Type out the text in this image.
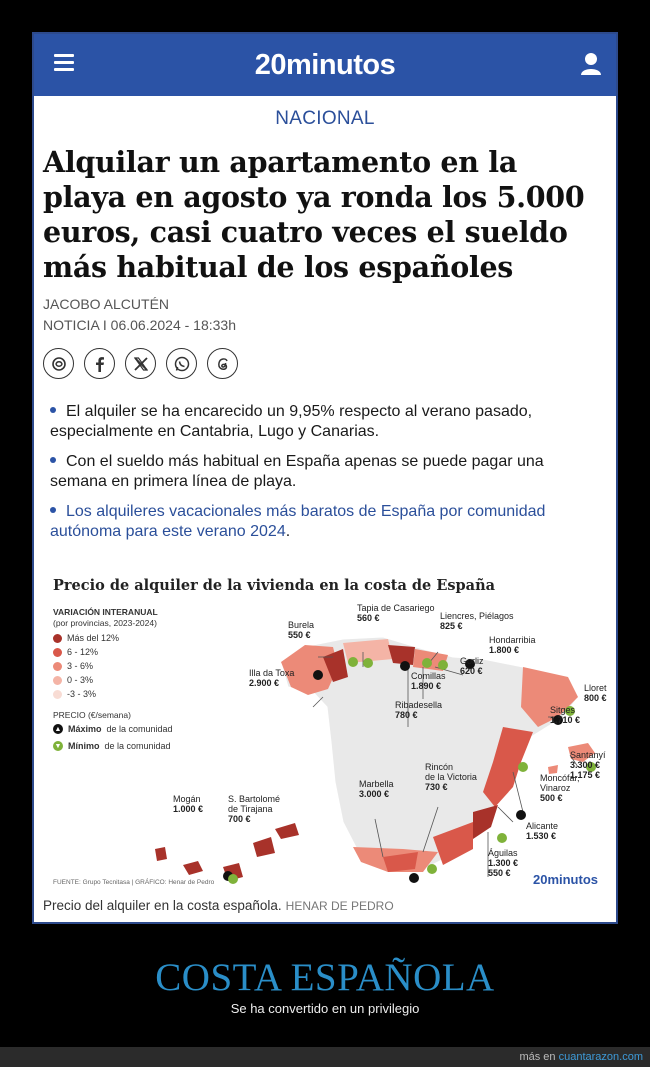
20minutos
NACIONAL
Alquilar un apartamento en la playa en agosto ya ronda los 5.000 euros, casi cuatro veces el sueldo más habitual de los españoles
JACOBO ALCUTÉN
NOTICIA I 06.06.2024 - 18:33h

El alquiler se ha encarecido un 9,95% respecto al verano pasado, especialmente en Cantabria, Lugo y Canarias.

Con el sueldo más habitual en España apenas se puede pagar una semana en primera línea de playa.

Los alquileres vacacionales más baratos de España por comunidad autónoma para este verano 2024.

Precio de alquiler de la vivienda en la costa de España
VARIACIÓN INTERANUAL
(por provincias, 2023-2024)
Más del 12%
6 - 12%
3 - 6%
0 - 3%
-3 - 3%
PRECIO (€/semana)
▲ Máximo de la comunidad
▼ Mínimo de la comunidad
Tapia de Casariego
560 €
Burela
550 €
Illa da Toxa
2.900 €
Liencres, Piélagos
825 €
Hondarribia
1.800 €
Gorliz
620 €
Comillas
1.890 €
Ribadesella
780 €
Lloret
800 €
Sitges
1.710 €
Santanyí
3.300 €
1.175 €
Moncófar,
Vinaroz
500 €
Alicante
1.530 €
Águilas
1.300 €
550 €
Rincón
de la Victoria
730 €
Marbella
3.000 €
Mogán
1.000 €
S. Bartolomé
de Tirajana
700 €
FUENTE: Grupo Tecnitasa | GRÁFICO: Henar de Pedro	20minutos
Precio del alquiler en la costa española. HENAR DE PEDRO
COSTA ESPAÑOLA
Se ha convertido en un privilegio
más en cuantarazon.com
